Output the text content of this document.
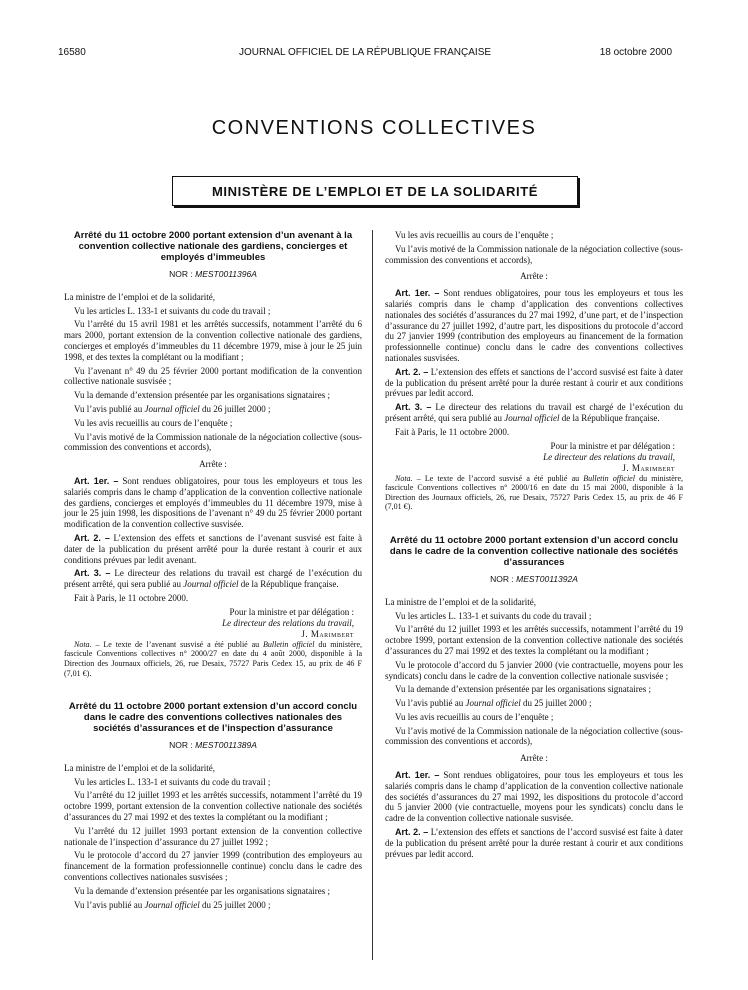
16580	JOURNAL OFFICIEL DE LA RÉPUBLIQUE FRANÇAISE	18 octobre 2000
CONVENTIONS COLLECTIVES
MINISTÈRE DE L’EMPLOI ET DE LA SOLIDARITÉ
Arrêté du 11 octobre 2000 portant extension d’un avenant à la convention collective nationale des gardiens, concierges et employés d’immeubles
NOR : MEST0011396A

La ministre de l’emploi et de la solidarité,

Vu les articles L. 133-1 et suivants du code du travail ;

Vu l’arrêté du 15 avril 1981 et les arrêtés successifs, notamment l’arrêté du 6 mars 2000, portant extension de la convention collective nationale des gardiens, concierges et employés d’immeubles du 11 décembre 1979, mise à jour le 25 juin 1998, et des textes la complétant ou la modifiant ;

Vu l’avenant n° 49 du 25 février 2000 portant modification de la convention collective nationale susvisée ;

Vu la demande d’extension présentée par les organisations signataires ;

Vu l’avis publié au Journal officiel du 26 juillet 2000 ;

Vu les avis recueillis au cours de l’enquête ;

Vu l’avis motivé de la Commission nationale de la négociation collective (sous-commission des conventions et accords),

Arrête :

Art. 1er. – Sont rendues obligatoires, pour tous les employeurs et tous les salariés compris dans le champ d’application de la convention collective nationale des gardiens, concierges et employés d’immeubles du 11 décembre 1979, mise à jour le 25 juin 1998, les dispositions de l’avenant n° 49 du 25 février 2000 portant modification de la convention collective susvisée.

Art. 2. – L’extension des effets et sanctions de l’avenant susvisé est faite à dater de la publication du présent arrêté pour la durée restant à courir et aux conditions prévues par ledit avenant.

Art. 3. – Le directeur des relations du travail est chargé de l’exécution du présent arrêté, qui sera publié au Journal officiel de la République française.

Fait à Paris, le 11 octobre 2000.

Pour la ministre et par délégation :
Le directeur des relations du travail,
J. Marimbert

Nota. – Le texte de l’avenant susvisé a été publié au Bulletin officiel du ministère, fascicule Conventions collectives n° 2000/27 en date du 4 août 2000, disponible à la Direction des Journaux officiels, 26, rue Desaix, 75727 Paris Cedex 15, au prix de 46 F (7,01 €).

Arrêté du 11 octobre 2000 portant extension d’un accord conclu dans le cadre des conventions collectives nationales des sociétés d’assurances et de l’inspection d’assurance
NOR : MEST0011389A

La ministre de l’emploi et de la solidarité,

Vu les articles L. 133-1 et suivants du code du travail ;

Vu l’arrêté du 12 juillet 1993 et les arrêtés successifs, notamment l’arrêté du 19 octobre 1999, portant extension de la convention collective nationale des sociétés d’assurances du 27 mai 1992 et des textes la complétant ou la modifiant ;

Vu l’arrêté du 12 juillet 1993 portant extension de la convention collective nationale de l’inspection d’assurance du 27 juillet 1992 ;

Vu le protocole d’accord du 27 janvier 1999 (contribution des employeurs au financement de la formation professionnelle continue) conclu dans le cadre des conventions collectives nationales susvisées ;

Vu la demande d’extension présentée par les organisations signataires ;

Vu l’avis publié au Journal officiel du 25 juillet 2000 ;

Vu les avis recueillis au cours de l’enquête ;

Vu l’avis motivé de la Commission nationale de la négociation collective (sous-commission des conventions et accords),

Arrête :

Art. 1er. – Sont rendues obligatoires, pour tous les employeurs et tous les salariés compris dans le champ d’application des conventions collectives nationales des sociétés d’assurances du 27 mai 1992, d’une part, et de l’inspection d’assurance du 27 juillet 1992, d’autre part, les dispositions du protocole d’accord du 27 janvier 1999 (contribution des employeurs au financement de la formation professionnelle continue) conclu dans le cadre des conventions collectives nationales susvisées.

Art. 2. – L’extension des effets et sanctions de l’accord susvisé est faite à dater de la publication du présent arrêté pour la durée restant à courir et aux conditions prévues par ledit accord.

Art. 3. – Le directeur des relations du travail est chargé de l’exécution du présent arrêté, qui sera publié au Journal officiel de la République française.

Fait à Paris, le 11 octobre 2000.

Pour la ministre et par délégation :
Le directeur des relations du travail,
J. Marimbert

Nota. – Le texte de l’accord susvisé a été publié au Bulletin officiel du ministère, fascicule Conventions collectives n° 2000/16 en date du 15 mai 2000, disponible à la Direction des Journaux officiels, 26, rue Desaix, 75727 Paris Cedex 15, au prix de 46 F (7,01 €).

Arrêté du 11 octobre 2000 portant extension d’un accord conclu dans le cadre de la convention collective nationale des sociétés d’assurances
NOR : MEST0011392A

La ministre de l’emploi et de la solidarité,

Vu les articles L. 133-1 et suivants du code du travail ;

Vu l’arrêté du 12 juillet 1993 et les arrêtés successifs, notamment l’arrêté du 19 octobre 1999, portant extension de la convention collective nationale des sociétés d’assurances du 27 mai 1992 et des textes la complétant ou la modifiant ;

Vu le protocole d’accord du 5 janvier 2000 (vie contractuelle, moyens pour les syndicats) conclu dans le cadre de la convention collective nationale susvisée ;

Vu la demande d’extension présentée par les organisations signataires ;

Vu l’avis publié au Journal officiel du 25 juillet 2000 ;

Vu les avis recueillis au cours de l’enquête ;

Vu l’avis motivé de la Commission nationale de la négociation collective (sous-commission des conventions et accords),

Arrête :

Art. 1er. – Sont rendues obligatoires, pour tous les employeurs et tous les salariés compris dans le champ d’application de la convention collective nationale des sociétés d’assurances du 27 mai 1992, les dispositions du protocole d’accord du 5 janvier 2000 (vie contractuelle, moyens pour les syndicats) conclu dans le cadre de la convention collective nationale susvisée.

Art. 2. – L’extension des effets et sanctions de l’accord susvisé est faite à dater de la publication du présent arrêté pour la durée restant à courir et aux conditions prévues par ledit accord.
